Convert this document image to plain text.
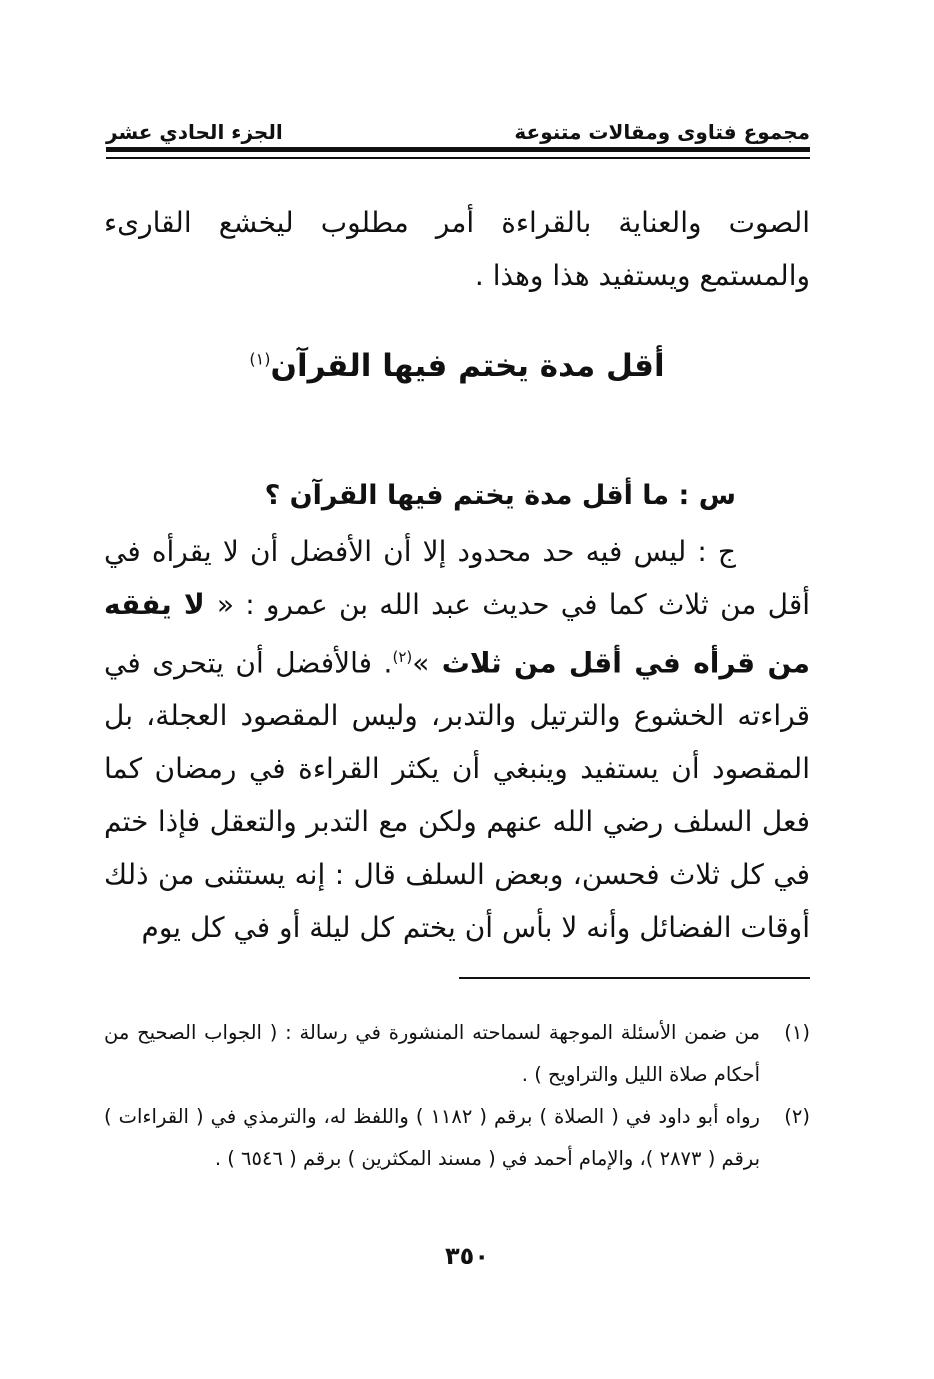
مجموع فتاوى ومقالات متنوعة
الجزء الحادي عشر
الصوت والعناية بالقراءة أمر مطلوب ليخشع القارىء والمستمع ويستفيد هذا وهذا .
أقل مدة يختم فيها القرآن$^{(١)}$
س : ما أقل مدة يختم فيها القرآن ؟
ج : ليس فيه حد محدود إلا أن الأفضل أن لا يقرأه في أقل من ثلاث كما في حديث عبد الله بن عمرو : « لا يفقه من قرأه في أقل من ثلاث »$^{(٢)}$. فالأفضل أن يتحرى في قراءته الخشوع والترتيل والتدبر، وليس المقصود العجلة، بل المقصود أن يستفيد وينبغي أن يكثر القراءة في رمضان كما فعل السلف رضي الله عنهم ولكن مع التدبر والتعقل فإذا ختم في كل ثلاث فحسن، وبعض السلف قال : إنه يستثنى من ذلك أوقات الفضائل وأنه لا بأس أن يختم كل ليلة أو في كل يوم
(١)
من ضمن الأسئلة الموجهة لسماحته المنشورة في رسالة : ( الجواب الصحيح من أحكام صلاة الليل والتراويح ) .
(٢)
رواه أبو داود في ( الصلاة ) برقم ( ١١٨٢ ) واللفظ له، والترمذي في ( القراءات ) برقم ( ٢٨٧٣ )، والإمام أحمد في ( مسند المكثرين ) برقم ( ٦٥٤٦ ) .
٣٥٠
